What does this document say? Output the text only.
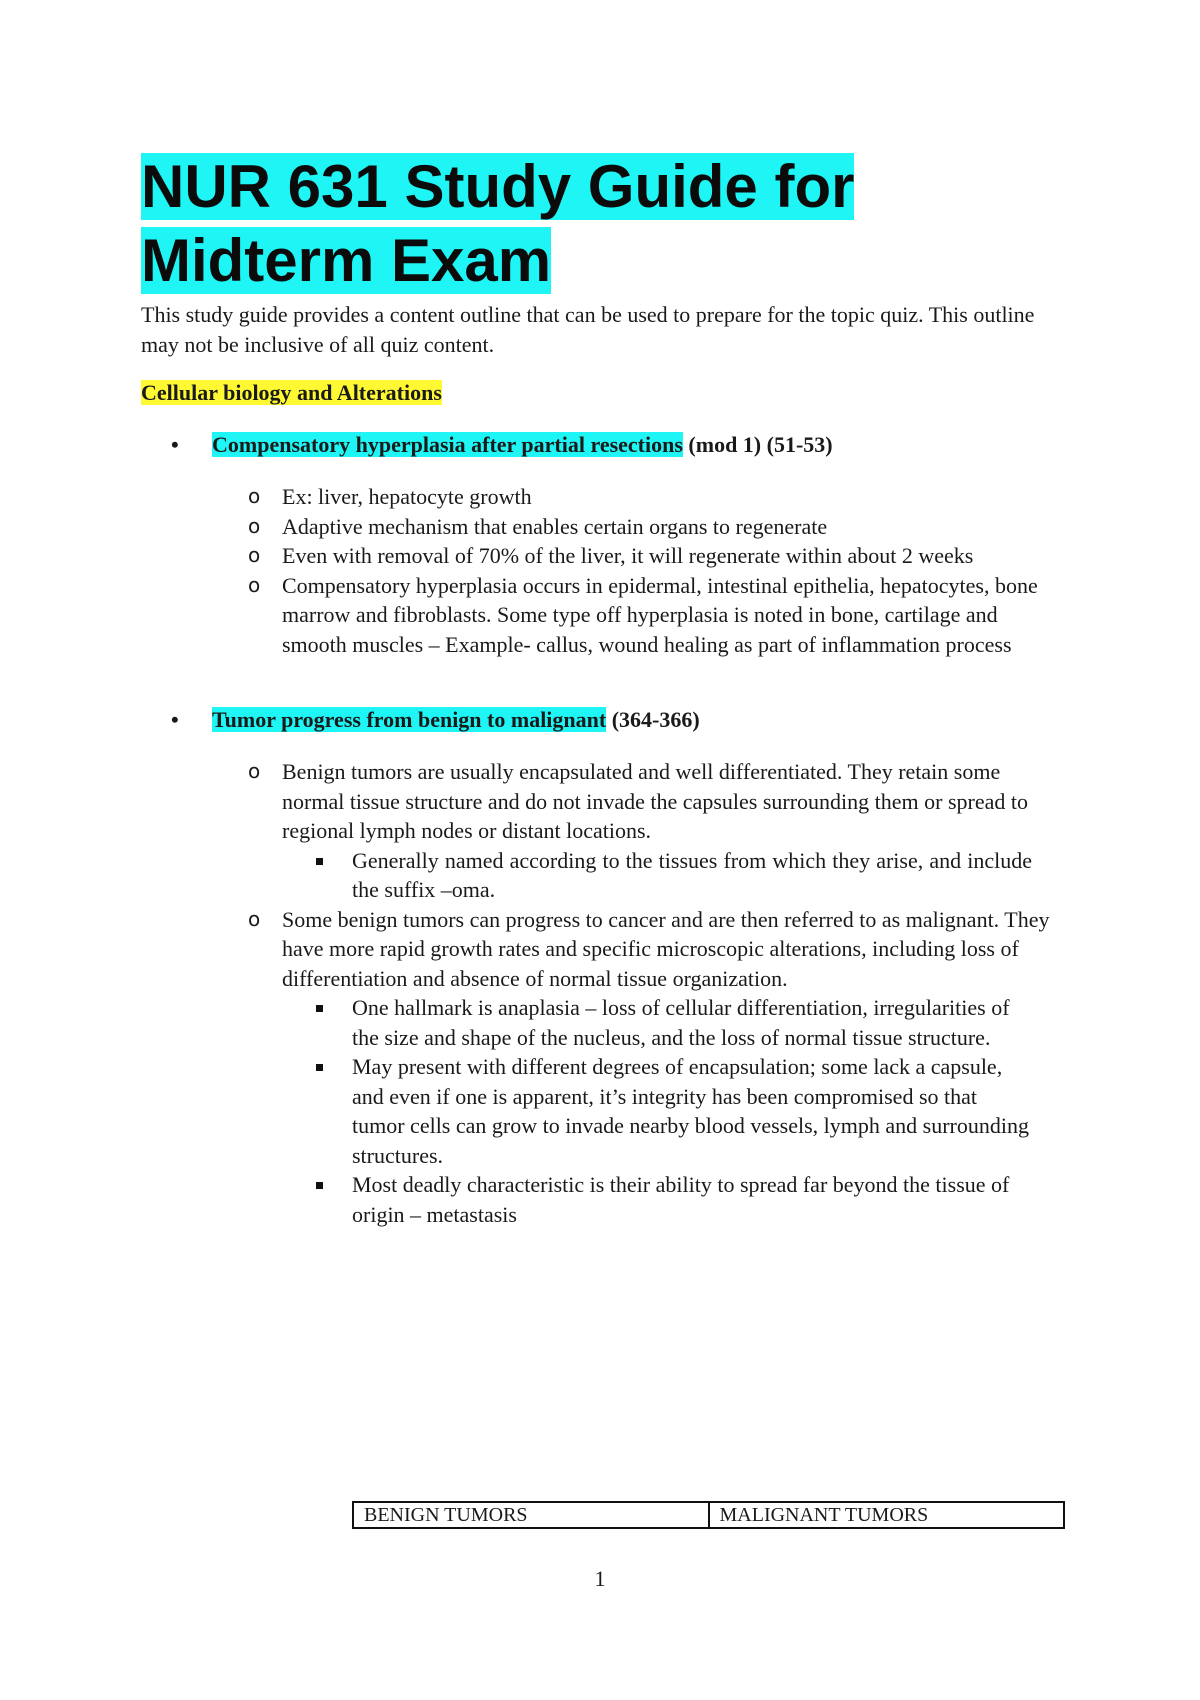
NUR 631 Study Guide for
Midterm Exam

This study guide provides a content outline that can be used to prepare for the topic quiz. This outline may not be inclusive of all quiz content.

Cellular biology and Alterations

• Compensatory hyperplasia after partial resections (mod 1) (51-53)

o Ex: liver, hepatocyte growth
o Adaptive mechanism that enables certain organs to regenerate
o Even with removal of 70% of the liver, it will regenerate within about 2 weeks
o Compensatory hyperplasia occurs in epidermal, intestinal epithelia, hepatocytes, bone marrow and fibroblasts. Some type off hyperplasia is noted in bone, cartilage and smooth muscles – Example- callus, wound healing as part of inflammation process

• Tumor progress from benign to malignant (364-366)

o Benign tumors are usually encapsulated and well differentiated. They retain some normal tissue structure and do not invade the capsules surrounding them or spread to regional lymph nodes or distant locations.
Generally named according to the tissues from which they arise, and include the suffix –oma.
o Some benign tumors can progress to cancer and are then referred to as malignant. They have more rapid growth rates and specific microscopic alterations, including loss of differentiation and absence of normal tissue organization.
One hallmark is anaplasia – loss of cellular differentiation, irregularities of the size and shape of the nucleus, and the loss of normal tissue structure.
May present with different degrees of encapsulation; some lack a capsule, and even if one is apparent, it’s integrity has been compromised so that tumor cells can grow to invade nearby blood vessels, lymph and surrounding structures.
Most deadly characteristic is their ability to spread far beyond the tissue of origin – metastasis
BENIGN TUMORS	MALIGNANT TUMORS
1
